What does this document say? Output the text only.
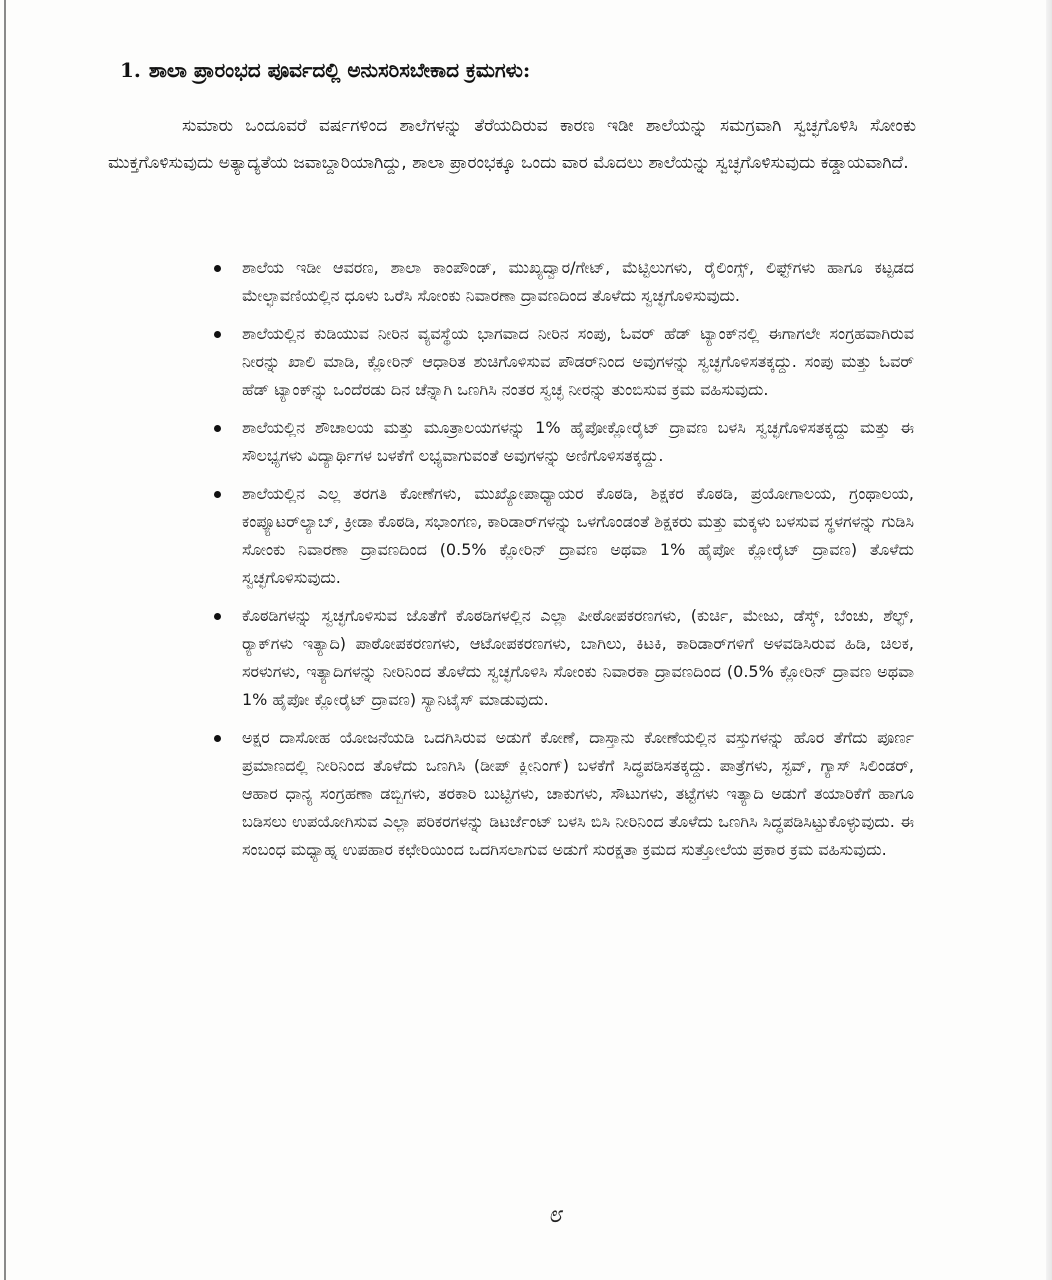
1. ಶಾಲಾ ಪ್ರಾರಂಭದ ಪೂರ್ವದಲ್ಲಿ ಅನುಸರಿಸಬೇಕಾದ ಕ್ರಮಗಳು:

ಸುಮಾರು ಒಂದೂವರೆ ವರ್ಷಗಳಿಂದ ಶಾಲೆಗಳನ್ನು ತೆರೆಯದಿರುವ ಕಾರಣ ಇಡೀ ಶಾಲೆಯನ್ನು ಸಮಗ್ರವಾಗಿ ಸ್ವಚ್ಛಗೊಳಿಸಿ ಸೋಂಕು ಮುಕ್ತಗೊಳಿಸುವುದು ಅತ್ಯಾದ್ಯತೆಯ ಜವಾಬ್ದಾರಿಯಾಗಿದ್ದು, ಶಾಲಾ ಪ್ರಾರಂಭಕ್ಕೂ ಒಂದು ವಾರ ಮೊದಲು ಶಾಲೆಯನ್ನು ಸ್ವಚ್ಛಗೊಳಿಸುವುದು ಕಡ್ಡಾಯವಾಗಿದೆ.

ಶಾಲೆಯ ಇಡೀ ಆವರಣ, ಶಾಲಾ ಕಾಂಪೌಂಡ್, ಮುಖ್ಯದ್ವಾರ/ಗೇಟ್, ಮೆಟ್ಟಿಲುಗಳು, ರೈಲಿಂಗ್ಸ್, ಲಿಫ್ಟ್‌ಗಳು ಹಾಗೂ ಕಟ್ಟಡದ ಮೇಲ್ಛಾವಣಿಯಲ್ಲಿನ ಧೂಳು ಒರೆಸಿ ಸೋಂಕು ನಿವಾರಣಾ ದ್ರಾವಣದಿಂದ ತೊಳೆದು ಸ್ವಚ್ಛಗೊಳಿಸುವುದು.
ಶಾಲೆಯಲ್ಲಿನ ಕುಡಿಯುವ ನೀರಿನ ವ್ಯವಸ್ಥೆಯ ಭಾಗವಾದ ನೀರಿನ ಸಂಪು, ಓವರ್ ಹೆಡ್ ಟ್ಯಾಂಕ್‌ನಲ್ಲಿ ಈಗಾಗಲೇ ಸಂಗ್ರಹವಾಗಿರುವ ನೀರನ್ನು ಖಾಲಿ ಮಾಡಿ, ಕ್ಲೋರಿನ್ ಆಧಾರಿತ ಶುಚಿಗೊಳಿಸುವ ಪೌಡರ್‌ನಿಂದ ಅವುಗಳನ್ನು ಸ್ವಚ್ಛಗೊಳಿಸತಕ್ಕದ್ದು. ಸಂಪು ಮತ್ತು ಓವರ್ ಹೆಡ್ ಟ್ಯಾಂಕ್‌ನ್ನು ಒಂದೆರಡು ದಿನ ಚೆನ್ನಾಗಿ ಒಣಗಿಸಿ ನಂತರ ಸ್ವಚ್ಛ ನೀರನ್ನು ತುಂಬಿಸುವ ಕ್ರಮ ವಹಿಸುವುದು.
ಶಾಲೆಯಲ್ಲಿನ ಶೌಚಾಲಯ ಮತ್ತು ಮೂತ್ರಾಲಯಗಳನ್ನು 1% ಹೈಪೋಕ್ಲೋರೈಟ್ ದ್ರಾವಣ ಬಳಸಿ ಸ್ವಚ್ಛಗೊಳಿಸತಕ್ಕದ್ದು ಮತ್ತು ಈ ಸೌಲಭ್ಯಗಳು ವಿದ್ಯಾರ್ಥಿಗಳ ಬಳಕೆಗೆ ಲಭ್ಯವಾಗುವಂತೆ ಅವುಗಳನ್ನು ಅಣಿಗೊಳಿಸತಕ್ಕದ್ದು.
ಶಾಲೆಯಲ್ಲಿನ ಎಲ್ಲ ತರಗತಿ ಕೋಣೆಗಳು, ಮುಖ್ಯೋಪಾಧ್ಯಾಯರ ಕೊಠಡಿ, ಶಿಕ್ಷಕರ ಕೊಠಡಿ, ಪ್ರಯೋಗಾಲಯ, ಗ್ರಂಥಾಲಯ, ಕಂಪ್ಯೂಟರ್‌ಲ್ಯಾಬ್, ಕ್ರೀಡಾ ಕೊಠಡಿ, ಸಭಾಂಗಣ, ಕಾರಿಡಾರ್‌ಗಳನ್ನು ಒಳಗೊಂಡಂತೆ ಶಿಕ್ಷಕರು ಮತ್ತು ಮಕ್ಕಳು ಬಳಸುವ ಸ್ಥಳಗಳನ್ನು ಗುಡಿಸಿ ಸೋಂಕು ನಿವಾರಣಾ ದ್ರಾವಣದಿಂದ (0.5% ಕ್ಲೋರಿನ್ ದ್ರಾವಣ ಅಥವಾ 1% ಹೈಪೋ ಕ್ಲೋರೈಟ್ ದ್ರಾವಣ) ತೊಳೆದು ಸ್ವಚ್ಛಗೊಳಿಸುವುದು.
ಕೊಠಡಿಗಳನ್ನು ಸ್ವಚ್ಛಗೊಳಿಸುವ ಜೊತೆಗೆ ಕೊಠಡಿಗಳಲ್ಲಿನ ಎಲ್ಲಾ ಪೀಠೋಪಕರಣಗಳು, (ಕುರ್ಚಿ, ಮೇಜು, ಡೆಸ್ಕ್, ಬೆಂಚು, ಶೆಲ್ಫ್, ರ್‍ಯಾಕ್‌ಗಳು ಇತ್ಯಾದಿ) ಪಾಠೋಪಕರಣಗಳು, ಆಟೋಪಕರಣಗಳು, ಬಾಗಿಲು, ಕಿಟಕಿ, ಕಾರಿಡಾರ್‌ಗಳಿಗೆ ಅಳವಡಿಸಿರುವ ಹಿಡಿ, ಚಿಲಕ, ಸರಳುಗಳು, ಇತ್ಯಾದಿಗಳನ್ನು ನೀರಿನಿಂದ ತೊಳೆದು ಸ್ವಚ್ಛಗೊಳಿಸಿ ಸೋಂಕು ನಿವಾರಕಾ ದ್ರಾವಣದಿಂದ (0.5% ಕ್ಲೋರಿನ್ ದ್ರಾವಣ ಅಥವಾ 1% ಹೈಪೋ ಕ್ಲೋರೈಟ್ ದ್ರಾವಣ) ಸ್ಯಾನಿಟೈಸ್ ಮಾಡುವುದು.
ಅಕ್ಷರ ದಾಸೋಹ ಯೋಜನೆಯಡಿ ಒದಗಿಸಿರುವ ಅಡುಗೆ ಕೋಣೆ, ದಾಸ್ತಾನು ಕೋಣೆಯಲ್ಲಿನ ವಸ್ತುಗಳನ್ನು ಹೊರ ತೆಗೆದು ಪೂರ್ಣ ಪ್ರಮಾಣದಲ್ಲಿ ನೀರಿನಿಂದ ತೊಳೆದು ಒಣಗಿಸಿ (ಡೀಪ್ ಕ್ಲೀನಿಂಗ್) ಬಳಕೆಗೆ ಸಿದ್ಧಪಡಿಸತಕ್ಕದ್ದು. ಪಾತ್ರೆಗಳು, ಸ್ಟವ್, ಗ್ಯಾಸ್ ಸಿಲಿಂಡರ್, ಆಹಾರ ಧಾನ್ಯ ಸಂಗ್ರಹಣಾ ಡಬ್ಬಿಗಳು, ತರಕಾರಿ ಬುಟ್ಟಿಗಳು, ಚಾಕುಗಳು, ಸೌಟುಗಳು, ತಟ್ಟೆಗಳು ಇತ್ಯಾದಿ ಅಡುಗೆ ತಯಾರಿಕೆಗೆ ಹಾಗೂ ಬಡಿಸಲು ಉಪಯೋಗಿಸುವ ಎಲ್ಲಾ ಪರಿಕರಗಳನ್ನು ಡಿಟರ್ಜೆಂಟ್ ಬಳಸಿ ಬಿಸಿ ನೀರಿನಿಂದ ತೊಳೆದು ಒಣಗಿಸಿ ಸಿದ್ಧಪಡಿಸಿಟ್ಟುಕೊಳ್ಳುವುದು. ಈ ಸಂಬಂಧ ಮಧ್ಯಾಹ್ನ ಉಪಹಾರ ಕಛೇರಿಯಿಂದ ಒದಗಿಸಲಾಗುವ ಅಡುಗೆ ಸುರಕ್ಷತಾ ಕ್ರಮದ ಸುತ್ತೋಲೆಯ ಪ್ರಕಾರ ಕ್ರಮ ವಹಿಸುವುದು.
೮
